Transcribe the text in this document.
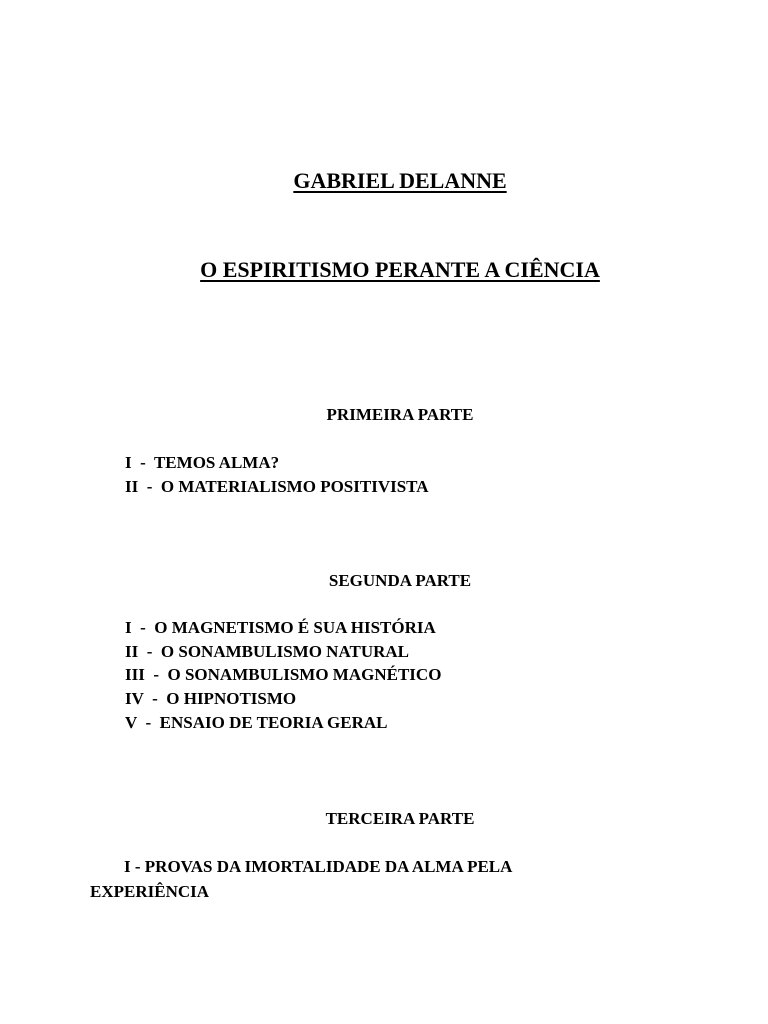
GABRIEL DELANNE
O ESPIRITISMO PERANTE A CIÊNCIA
PRIMEIRA PARTE
I  -  TEMOS ALMA?
II  -  O MATERIALISMO POSITIVISTA
SEGUNDA PARTE
I  -  O MAGNETISMO É SUA HISTÓRIA
II  -  O SONAMBULISMO NATURAL
III  -  O SONAMBULISMO MAGNÉTICO
IV  -  O HIPNOTISMO
V  -  ENSAIO DE TEORIA GERAL
TERCEIRA PARTE
I - PROVAS DA IMORTALIDADE DA ALMA PELA EXPERIÊNCIA
